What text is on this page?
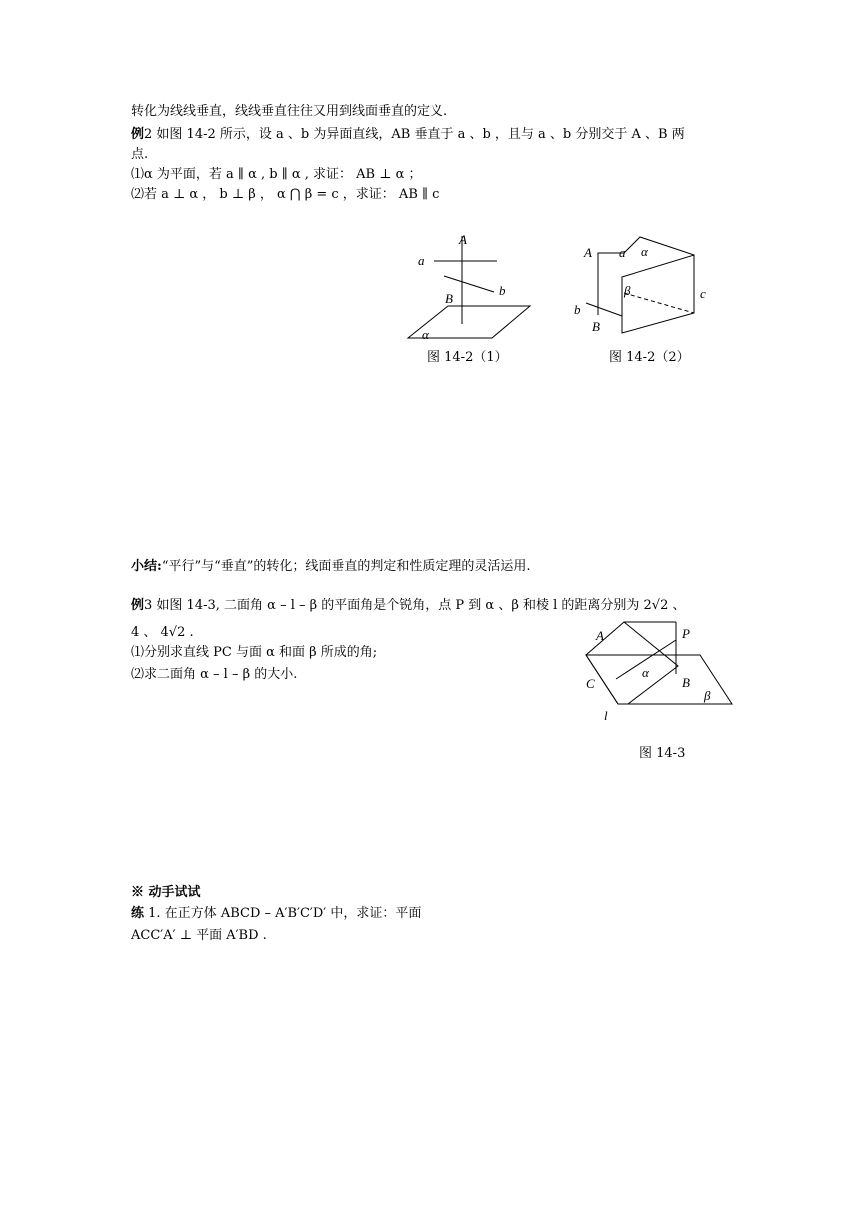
转化为线线垂直，线线垂直往往又用到线面垂直的定义.
例2 如图 14-2 所示，设 a 、b 为异面直线，AB 垂直于 a 、b ，且与 a 、b 分别交于 A 、B 两
点.
⑴α 为平面，若 a ∥ α , b ∥ α , 求证： AB ⊥ α ；
⑵若 a ⊥ α ， b ⊥ β ， α ⋂ β = c ，求证： AB ∥ c
A
a
b
B
α
图 14-2（1）
A a α
β	c
b
B
图 14-2（2）
小结:“平行”与“垂直”的转化；线面垂直的判定和性质定理的灵活运用.
例3 如图 14-3, 二面角 α – l – β 的平面角是个锐角，点 P 到 α 、β 和棱 l 的距离分别为 2√2 、
4 、 4√2 .
⑴分别求直线 PC 与面 α 和面 β 所成的角;
⑵求二面角 α – l – β 的大小.
A	P
C
α
B
β
l
图 14-3
※ 动手试试
练 1. 在正方体 ABCD – A′B′C′D′ 中，求证：平面
ACC′A′ ⊥ 平面 A′BD .
